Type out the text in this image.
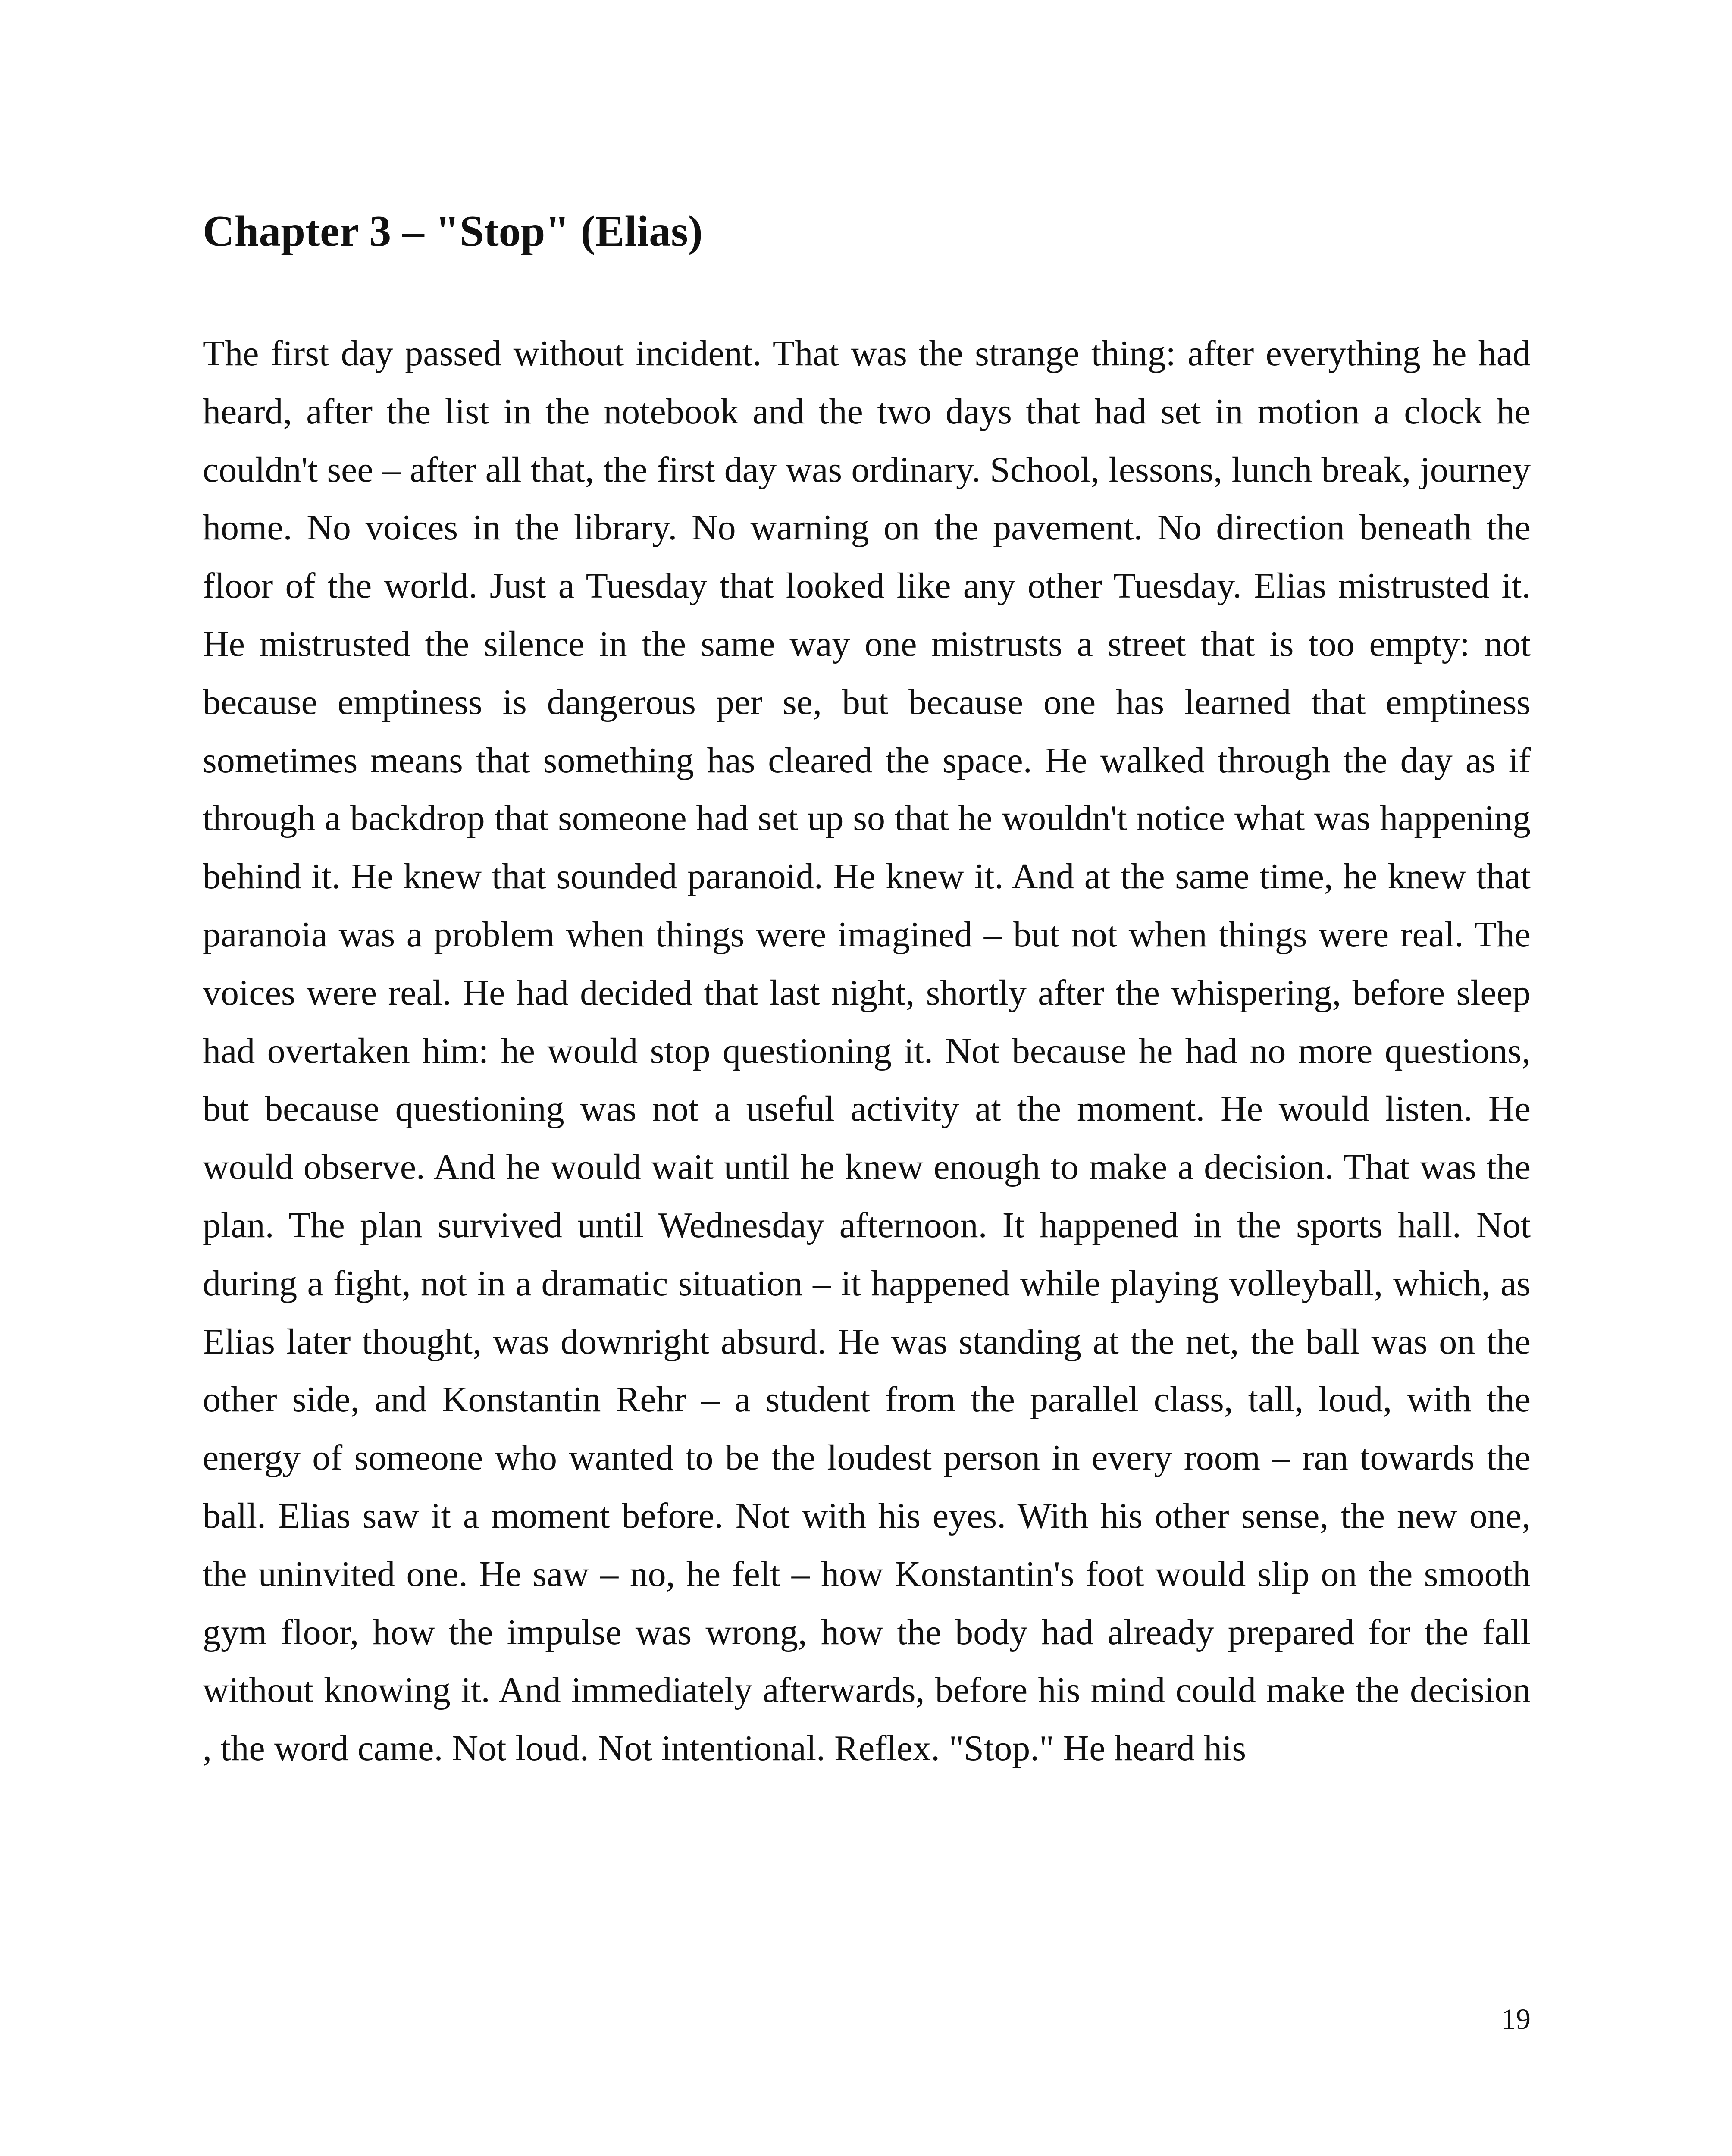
Chapter 3 – "Stop" (Elias)

The first day passed without incident. That was the strange thing: after everything he had heard, after the list in the notebook and the two days that had set in motion a clock he couldn't see – after all that, the first day was ordinary. School, lessons, lunch break, journey home. No voices in the library. No warning on the pavement. No direction beneath the floor of the world. Just a Tuesday that looked like any other Tuesday. Elias mistrusted it. He mistrusted the silence in the same way one mistrusts a street that is too empty: not because emptiness is dangerous per se, but because one has learned that emptiness sometimes means that something has cleared the space. He walked through the day as if through a backdrop that someone had set up so that he wouldn't notice what was happening behind it. He knew that sounded paranoid. He knew it. And at the same time, he knew that paranoia was a problem when things were imagined – but not when things were real. The voices were real. He had decided that last night, shortly after the whispering, before sleep had overtaken him: he would stop questioning it. Not because he had no more questions, but because questioning was not a useful activity at the moment. He would listen. He would observe. And he would wait until he knew enough to make a decision. That was the plan. The plan survived until Wednesday afternoon. It happened in the sports hall. Not during a fight, not in a dramatic situation – it happened while playing volleyball, which, as Elias later thought, was downright absurd. He was standing at the net, the ball was on the other side, and Konstantin Rehr – a student from the parallel class, tall, loud, with the energy of someone who wanted to be the loudest person in every room – ran towards the ball. Elias saw it a moment before. Not with his eyes. With his other sense, the new one, the uninvited one. He saw – no, he felt – how Konstantin's foot would slip on the smooth gym floor, how the impulse was wrong, how the body had already prepared for the fall without knowing it. And immediately afterwards, before his mind could make the decision , the word came. Not loud. Not intentional. Reflex. "Stop." He heard his

19
